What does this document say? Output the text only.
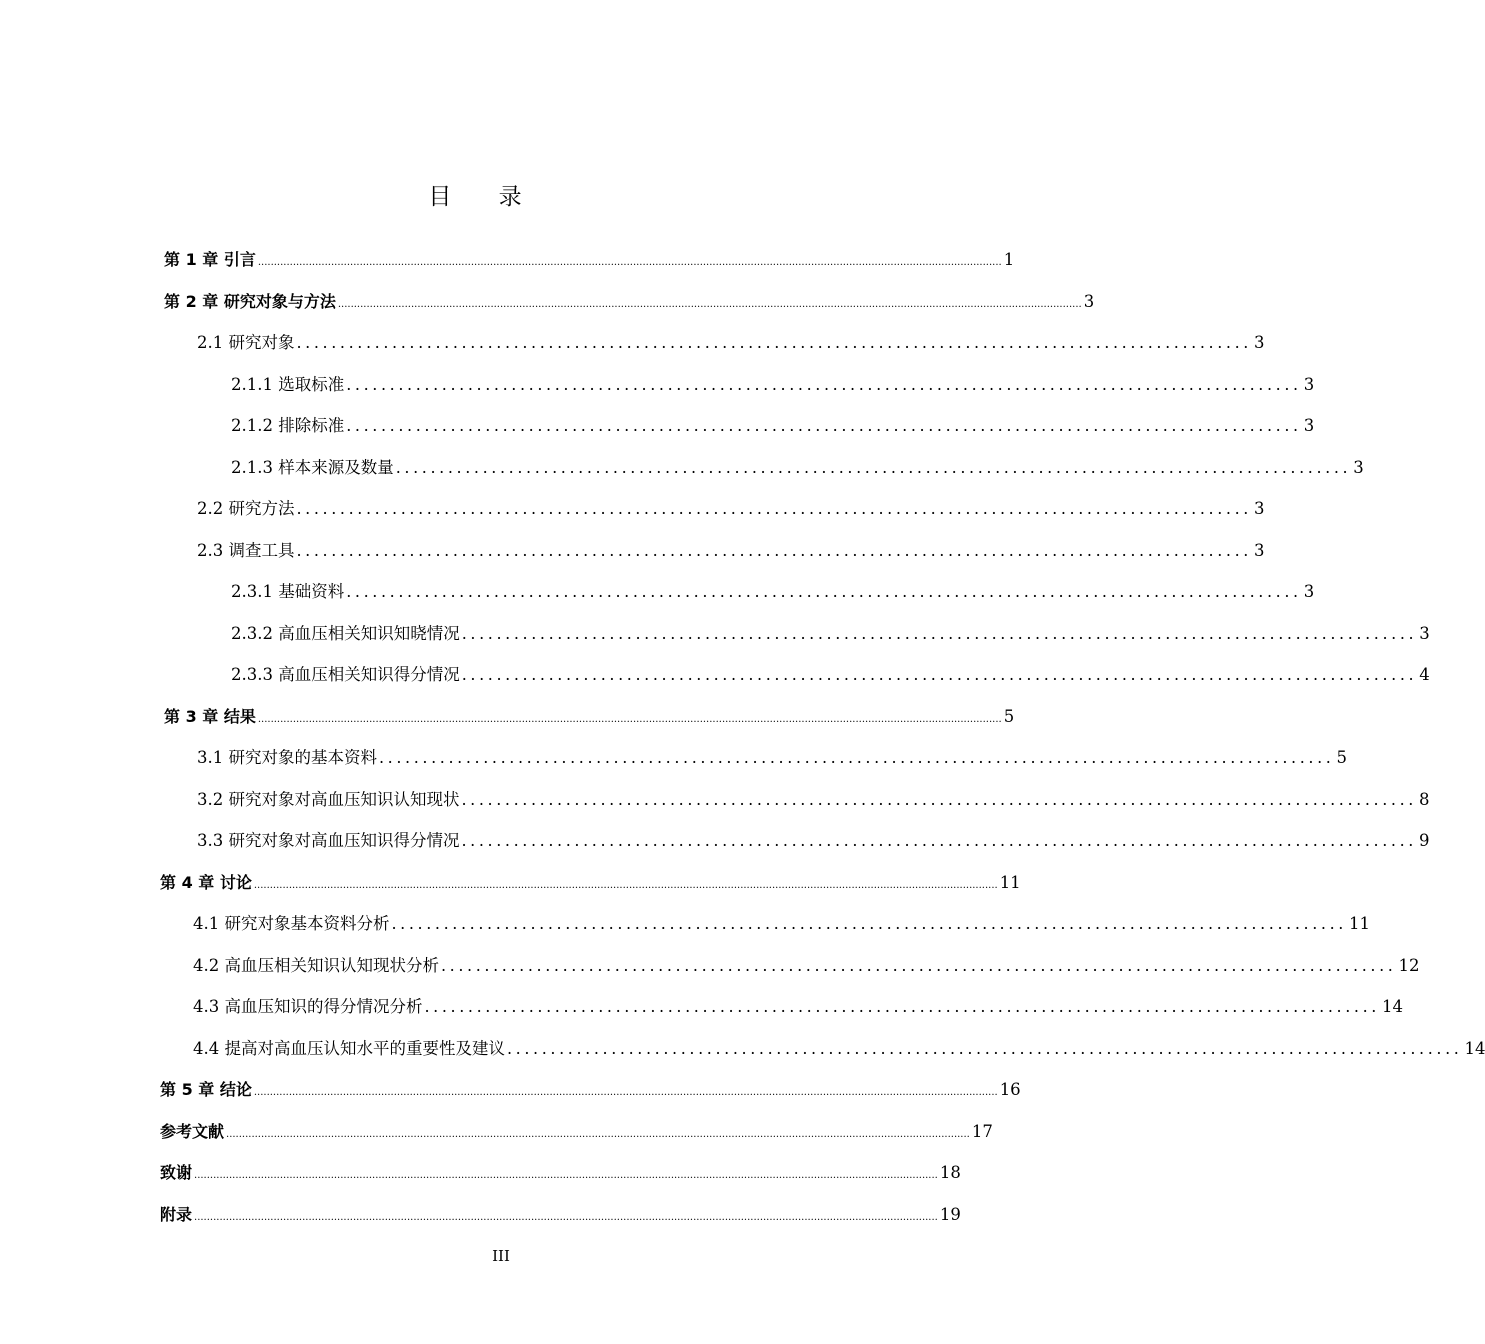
目 录
第 1 章 引言 .......................................................................................................................................................................................................................................... 1
第 2 章 研究对象与方法 .......................................................................................................................................................................................................................................... 3
2.1 研究对象 .............................................................................................................. 3
2.1.1 选取标准 .............................................................................................................. 3
2.1.2 排除标准 .............................................................................................................. 3
2.1.3 样本来源及数量 .............................................................................................................. 3
2.2 研究方法 .............................................................................................................. 3
2.3 调查工具 .............................................................................................................. 3
2.3.1 基础资料 .............................................................................................................. 3
2.3.2 高血压相关知识知晓情况 .............................................................................................................. 3
2.3.3 高血压相关知识得分情况 .............................................................................................................. 4
第 3 章 结果 .......................................................................................................................................................................................................................................... 5
3.1 研究对象的基本资料 .............................................................................................................. 5
3.2 研究对象对高血压知识认知现状 .............................................................................................................. 8
3.3 研究对象对高血压知识得分情况 .............................................................................................................. 9
第 4 章 讨论 .......................................................................................................................................................................................................................................... 11
4.1 研究对象基本资料分析 .............................................................................................................. 11
4.2 高血压相关知识认知现状分析 .............................................................................................................. 12
4.3 高血压知识的得分情况分析 .............................................................................................................. 14
4.4 提高对高血压认知水平的重要性及建议 .............................................................................................................. 14
第 5 章 结论 .......................................................................................................................................................................................................................................... 16
参考文献 .......................................................................................................................................................................................................................................... 17
致谢 .......................................................................................................................................................................................................................................... 18
附录 .......................................................................................................................................................................................................................................... 19
III
